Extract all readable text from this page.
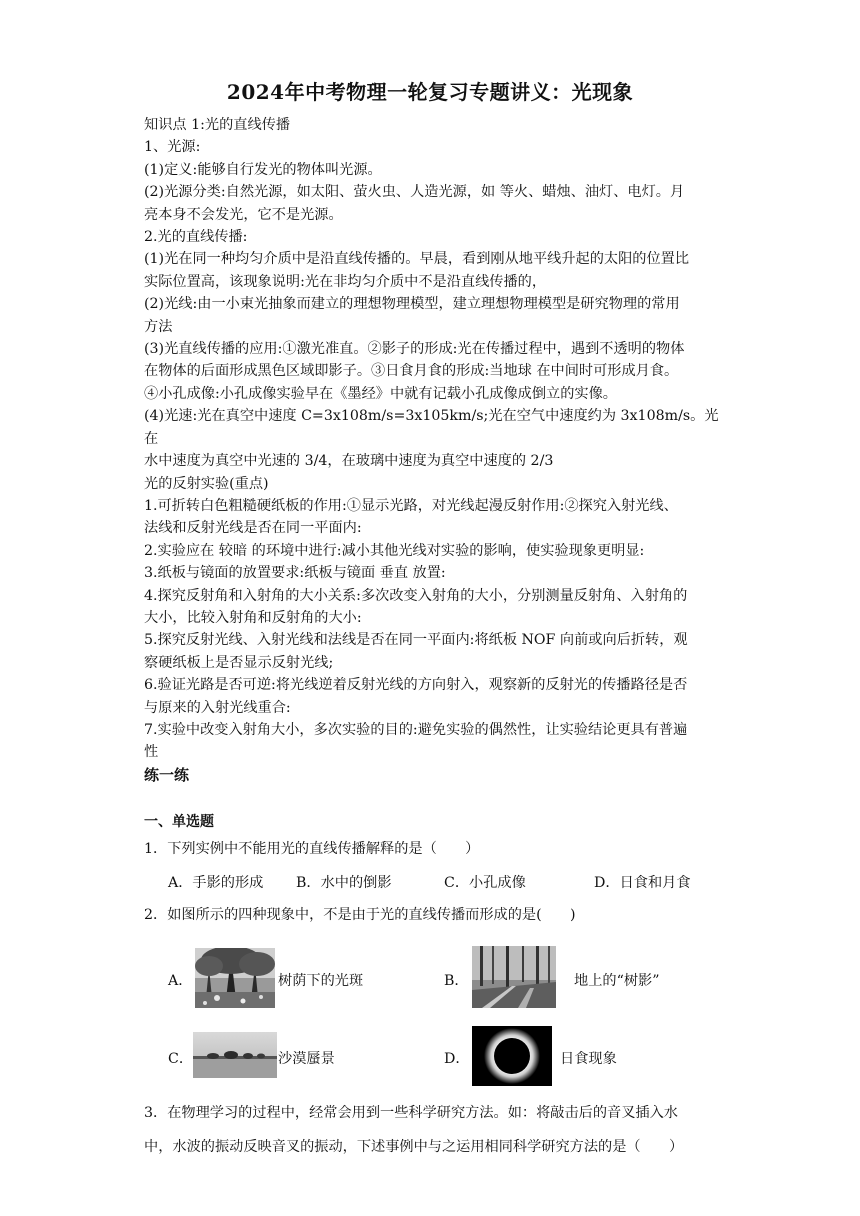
2024年中考物理一轮复习专题讲义：光现象

知识点 1:光的直线传播

1、光源:

(1)定义:能够自行发光的物体叫光源。

(2)光源分类:自然光源，如太阳、萤火虫、人造光源，如 等火、蜡烛、油灯、电灯。月

亮本身不会发光，它不是光源。

2.光的直线传播:

(1)光在同一种均匀介质中是沿直线传播的。早晨，看到刚从地平线升起的太阳的位置比

实际位置高，该现象说明:光在非均匀介质中不是沿直线传播的，

(2)光线:由一小束光抽象而建立的理想物理模型，建立理想物理模型是研究物理的常用

方法

(3)光直线传播的应用:①激光准直。②影子的形成:光在传播过程中，遇到不透明的物体

在物体的后面形成黑色区域即影子。③日食月食的形成:当地球 在中间时可形成月食。

④小孔成像:小孔成像实验早在《墨经》中就有记载小孔成像成倒立的实像。

(4)光速:光在真空中速度 C=3x108m/s=3x105km/s;光在空气中速度约为 3x108m/s。光在

水中速度为真空中光速的 3/4，在玻璃中速度为真空中速度的 2/3

光的反射实验(重点)

1.可折转白色粗糙硬纸板的作用:①显示光路，对光线起漫反射作用:②探究入射光线、

法线和反射光线是否在同一平面内:

2.实验应在 较暗 的环境中进行:减小其他光线对实验的影响，使实验现象更明显:

3.纸板与镜面的放置要求:纸板与镜面 垂直 放置:

4.探究反射角和入射角的大小关系:多次改变入射角的大小，分别测量反射角、入射角的

大小，比较入射角和反射角的大小:

5.探究反射光线、入射光线和法线是否在同一平面内:将纸板 NOF 向前或向后折转，观

察硬纸板上是否显示反射光线;

6.验证光路是否可逆:将光线逆着反射光线的方向射入，观察新的反射光的传播路径是否

与原来的入射光线重合:

7.实验中改变入射角大小，多次实验的目的:避免实验的偶然性，让实验结论更具有普遍

性

练一练
一、单选题
1．下列实例中不能用光的直线传播解释的是（　　）
A．手影的形成 B．水中的倒影	C．小孔成像	D．日食和月食
2．如图所示的四种现象中，不是由于光的直线传播而形成的是(　　)
A．	树荫下的光斑	B．	地上的“树影”
C．	沙漠蜃景	D．	日食现象
3．在物理学习的过程中，经常会用到一些科学研究方法。如：将敲击后的音叉插入水
中，水波的振动反映音叉的振动，下述事例中与之运用相同科学研究方法的是（　　）
